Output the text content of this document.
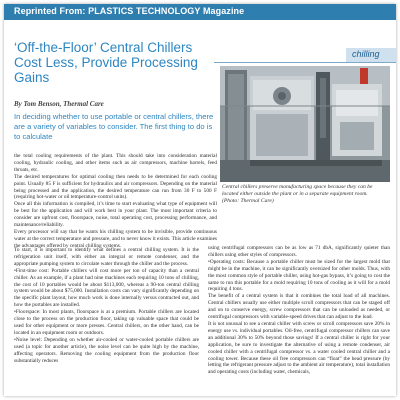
Reprinted From: PLASTICS TECHNOLOGY Magazine
chilling
‘Off-the-Floor’ Central Chillers Cost Less, Provide Processing Gains
By Tom Benson, Thermal Care

In deciding whether to use portable or central chillers, there are a variety of variables to consider. The first thing to do is to calculate

Central chillers preserve manufacturing space because they can be located either outside the plant or in a separate equipment room. (Photo: Thermal Care)

the total cooling requirements of the plant. This should take into consideration material cooling, hydraulic cooling, and other items such as air compressors, machine barrels, feed throats, etc.

The desired temperatures for optimal cooling then needs to be determined for each cooling point. Usually 85 F is sufficient for hydraulics and air compressors. Depending on the material being processed and the application, the desired temperature can run from 30 F to 500 F (requiring hot-water or oil temperature-control units).

Once all this information is compiled, it’s time to start evaluating what type of equipment will be best for the application and will work best in your plant. The most important criteria to consider are upfront cost, floorspace, noise, total operating cost, processing performance, and maintenance/reliability.

Every processor will say that he wants his chilling system to be invisible, provide continuous water at the correct temperature and pressure, and to never know it exists. This article examines the advantages offered by central chilling systems.

To start, it is important to identify what defines a central chilling system. It is the refrigeration unit itself, with either an integral or remote condenser, and the appropriate pumping system to circulate water through the chiller and the process.

•First-time cost: Portable chillers will cost more per ton of capacity than a central chiller. As an example, if a plant had nine machines each requiring 10 tons of chilling, the cost of 10 portables would be about $113,000, whereas a 90-ton central chilling system would be about $75,000. Installation costs can vary significantly depending on the specific plant layout, how much work is done internally versus contracted out, and how the portables are installed.

•Floorspace: In most plants, floorspace is at a premium. Portable chillers are located close to the process on the production floor, taking up valuable space that could be used for other equipment or more presses. Central chillers, on the other hand, can be located in an equipment room or outdoors.

•Noise level: Depending on whether air-cooled or water-cooled portable chillers are used (a topic for another article), the noise level can be quite high by the machine, affecting operators. Removing the cooling equipment from the production floor substantially reduces

using centrifugal compressors can be as low as 71 dbA, significantly quieter than chillers using other styles of compressors.

•Operating costs: Because a portable chiller must be sized for the largest mold that might be in the machine, it can be significantly oversized for other molds. Thus, with the most common style of portable chiller, using hot-gas bypass, it’s going to cost the same to run this portable for a mold requiring 10 tons of cooling as it will for a mold requiring 4 tons.

The benefit of a central system is that it combines the total load of all machines. Central chillers usually use either multiple scroll compressors that can be staged off and on to conserve energy, screw compressors that can be unloaded as needed, or centrifugal compressors with variable-speed drives that can adjust to the load.

It is not unusual to see a central chiller with screw or scroll compressors save 20% in energy use vs. individual portables. Oil-free, centrifugal compressor chillers can save an additional 30% to 50% beyond those savings! If a central chiller is right for your application, be sure to investigate the alternative of using a remote condenser, air cooled chiller with a centrifugal compressor vs. a water cooled central chiller and a cooling tower. Because these oil free compressors can “float” the head pressure (by letting the refrigerant pressure adjust to the ambient air temperature), total installation and operating costs (including water, chemicals,
